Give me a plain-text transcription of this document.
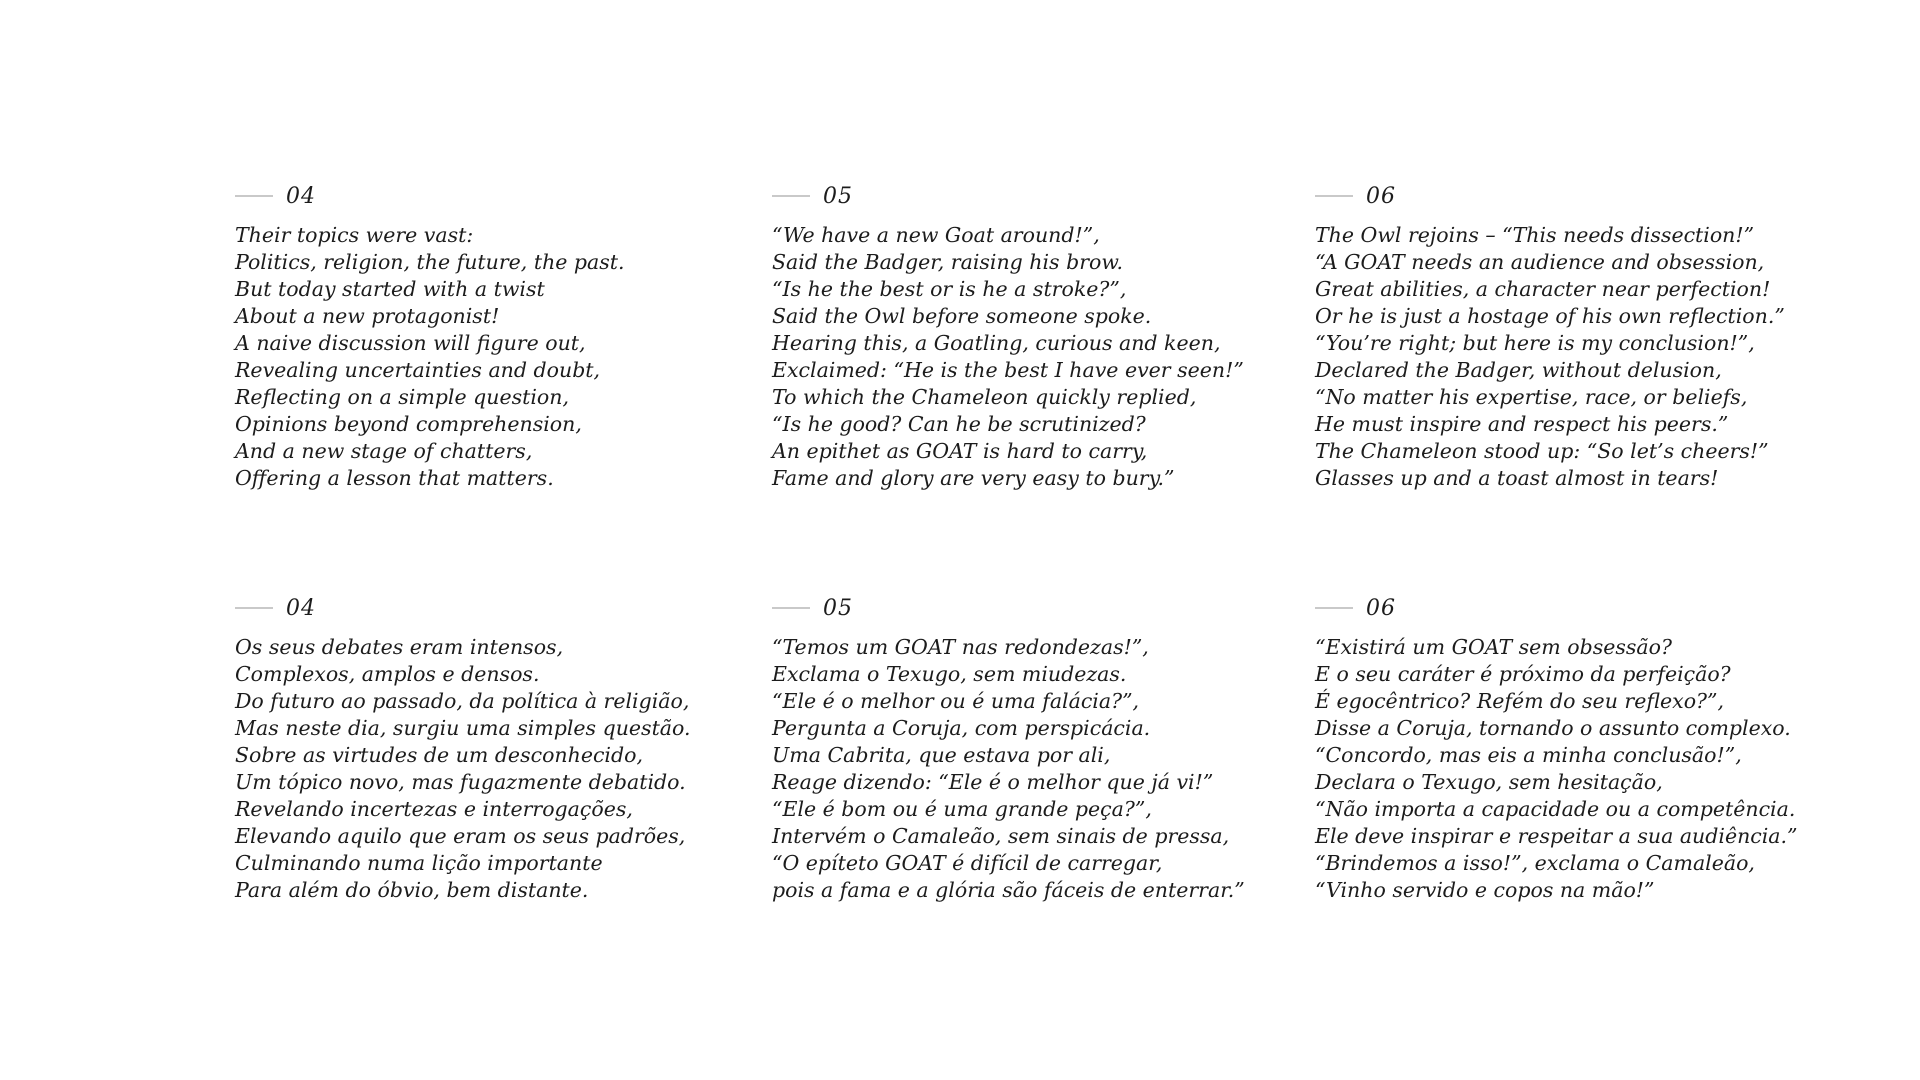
04
Their topics were vast:
Politics, religion, the future, the past.
But today started with a twist
About a new protagonist!
A naive discussion will figure out,
Revealing uncertainties and doubt,
Reflecting on a simple question,
Opinions beyond comprehension,
And a new stage of chatters,
Offering a lesson that matters.
05
“We have a new Goat around!”,
Said the Badger, raising his brow.
“Is he the best or is he a stroke?”,
Said the Owl before someone spoke.
Hearing this, a Goatling, curious and keen,
Exclaimed: “He is the best I have ever seen!”
To which the Chameleon quickly replied,
“Is he good? Can he be scrutinized?
An epithet as GOAT is hard to carry,
Fame and glory are very easy to bury.”
06
The Owl rejoins – “This needs dissection!”
“A GOAT needs an audience and obsession,
Great abilities, a character near perfection!
Or he is just a hostage of his own reflection.”
“You’re right; but here is my conclusion!”,
Declared the Badger, without delusion,
“No matter his expertise, race, or beliefs,
He must inspire and respect his peers.”
The Chameleon stood up: “So let’s cheers!”
Glasses up and a toast almost in tears!
04
Os seus debates eram intensos,
Complexos, amplos e densos.
Do futuro ao passado, da política à religião,
Mas neste dia, surgiu uma simples questão.
Sobre as virtudes de um desconhecido,
Um tópico novo, mas fugazmente debatido.
Revelando incertezas e interrogações,
Elevando aquilo que eram os seus padrões,
Culminando numa lição importante
Para além do óbvio, bem distante.
05
“Temos um GOAT nas redondezas!”,
Exclama o Texugo, sem miudezas.
“Ele é o melhor ou é uma falácia?”,
Pergunta a Coruja, com perspicácia.
Uma Cabrita, que estava por ali,
Reage dizendo: “Ele é o melhor que já vi!”
“Ele é bom ou é uma grande peça?”,
Intervém o Camaleão, sem sinais de pressa,
“O epíteto GOAT é difícil de carregar,
pois a fama e a glória são fáceis de enterrar.”
06
“Existirá um GOAT sem obsessão?
E o seu caráter é próximo da perfeição?
É egocêntrico? Refém do seu reflexo?”,
Disse a Coruja, tornando o assunto complexo.
“Concordo, mas eis a minha conclusão!”,
Declara o Texugo, sem hesitação,
“Não importa a capacidade ou a competência.
Ele deve inspirar e respeitar a sua audiência.”
“Brindemos a isso!”, exclama o Camaleão,
“Vinho servido e copos na mão!”
